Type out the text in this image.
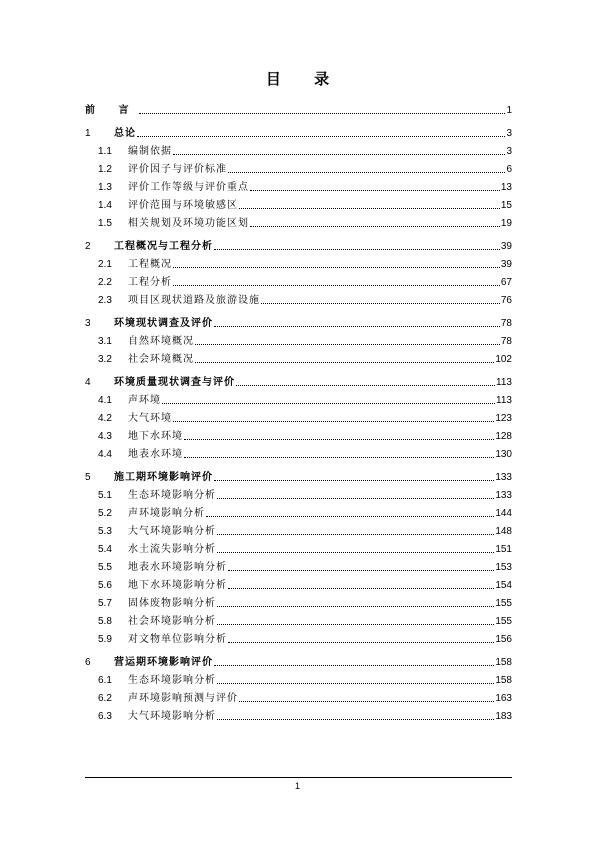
目 录
前 言	1
1	总论	3
1.1	编制依据	3
1.2	评价因子与评价标准	6
1.3	评价工作等级与评价重点	13
1.4	评价范围与环境敏感区	15
1.5	相关规划及环境功能区划	19
2	工程概况与工程分析	39
2.1	工程概况	39
2.2	工程分析	67
2.3	项目区现状道路及旅游设施	76
3	环境现状调查及评价	78
3.1	自然环境概况	78
3.2	社会环境概况	102
4	环境质量现状调查与评价	113
4.1	声环境	113
4.2	大气环境	123
4.3	地下水环境	128
4.4	地表水环境	130
5	施工期环境影响评价	133
5.1	生态环境影响分析	133
5.2	声环境影响分析	144
5.3	大气环境影响分析	148
5.4	水土流失影响分析	151
5.5	地表水环境影响分析	153
5.6	地下水环境影响分析	154
5.7	固体废物影响分析	155
5.8	社会环境影响分析	155
5.9	对文物单位影响分析	156
6	营运期环境影响评价	158
6.1	生态环境影响分析	158
6.2	声环境影响预测与评价	163
6.3	大气环境影响分析	183
1
